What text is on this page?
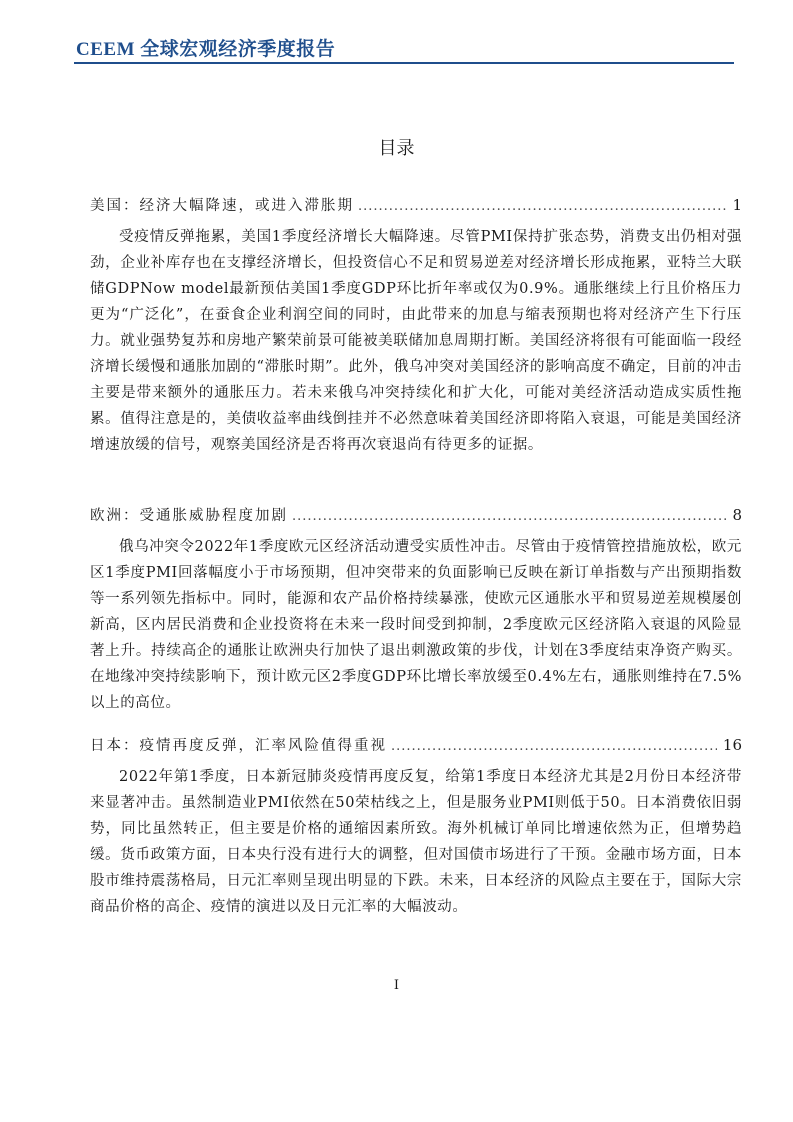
CEEM 全球宏观经济季度报告
目录
美国：经济大幅降速，或进入滞胀期 .....	1

受疫情反弹拖累，美国1季度经济增长大幅降速。尽管PMI保持扩张态势，消费支出仍相对强劲，企业补库存也在支撑经济增长，但投资信心不足和贸易逆差对经济增长形成拖累，亚特兰大联储GDPNow model最新预估美国1季度GDP环比折年率或仅为0.9%。通胀继续上行且价格压力更为“广泛化”，在蚕食企业利润空间的同时，由此带来的加息与缩表预期也将对经济产生下行压力。就业强势复苏和房地产繁荣前景可能被美联储加息周期打断。美国经济将很有可能面临一段经济增长缓慢和通胀加剧的“滞胀时期”。此外，俄乌冲突对美国经济的影响高度不确定，目前的冲击主要是带来额外的通胀压力。若未来俄乌冲突持续化和扩大化，可能对美经济活动造成实质性拖累。值得注意是的，美债收益率曲线倒挂并不必然意味着美国经济即将陷入衰退，可能是美国经济增速放缓的信号，观察美国经济是否将再次衰退尚有待更多的证据。

欧洲：受通胀威胁程度加剧 .....	8

俄乌冲突令2022年1季度欧元区经济活动遭受实质性冲击。尽管由于疫情管控措施放松，欧元区1季度PMI回落幅度小于市场预期，但冲突带来的负面影响已反映在新订单指数与产出预期指数等一系列领先指标中。同时，能源和农产品价格持续暴涨，使欧元区通胀水平和贸易逆差规模屡创新高，区内居民消费和企业投资将在未来一段时间受到抑制，2季度欧元区经济陷入衰退的风险显著上升。持续高企的通胀让欧洲央行加快了退出刺激政策的步伐，计划在3季度结束净资产购买。在地缘冲突持续影响下，预计欧元区2季度GDP环比增长率放缓至0.4%左右，通胀则维持在7.5%以上的高位。

日本：疫情再度反弹，汇率风险值得重视 .....	16

2022年第1季度，日本新冠肺炎疫情再度反复，给第1季度日本经济尤其是2月份日本经济带来显著冲击。虽然制造业PMI依然在50荣枯线之上，但是服务业PMI则低于50。日本消费依旧弱势，同比虽然转正，但主要是价格的通缩因素所致。海外机械订单同比增速依然为正，但增势趋缓。货币政策方面，日本央行没有进行大的调整，但对国债市场进行了干预。金融市场方面，日本股市维持震荡格局，日元汇率则呈现出明显的下跌。未来，日本经济的风险点主要在于，国际大宗商品价格的高企、疫情的演进以及日元汇率的大幅波动。

I
